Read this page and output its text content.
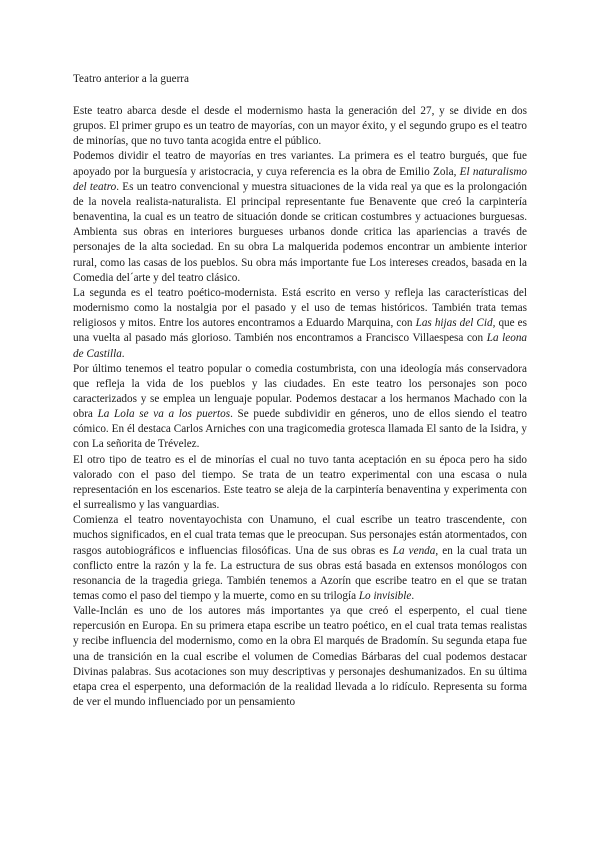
Teatro anterior a la guerra

Este teatro abarca desde el desde el modernismo hasta la generación del 27, y se divide en dos grupos. El primer grupo es un teatro de mayorías, con un mayor éxito, y el segundo grupo es el teatro de minorías, que no tuvo tanta acogida entre el público.

Podemos dividir el teatro de mayorías en tres variantes. La primera es el teatro burgués, que fue apoyado por la burguesía y aristocracia, y cuya referencia es la obra de Emilio Zola, El naturalismo del teatro. Es un teatro convencional y muestra situaciones de la vida real ya que es la prolongación de la novela realista-naturalista. El principal representante fue Benavente que creó la carpintería benaventina, la cual es un teatro de situación donde se critican costumbres y actuaciones burguesas. Ambienta sus obras en interiores burgueses urbanos donde critica las apariencias a través de personajes de la alta sociedad. En su obra La malquerida podemos encontrar un ambiente interior rural, como las casas de los pueblos. Su obra más importante fue Los intereses creados, basada en la Comedia del´arte y del teatro clásico.

La segunda es el teatro poético-modernista. Está escrito en verso y refleja las características del modernismo como la nostalgia por el pasado y el uso de temas históricos. También trata temas religiosos y mitos. Entre los autores encontramos a Eduardo Marquina, con Las hijas del Cid, que es una vuelta al pasado más glorioso. También nos encontramos a Francisco Villaespesa con La leona de Castilla.

Por último tenemos el teatro popular o comedia costumbrista, con una ideología más conservadora que refleja la vida de los pueblos y las ciudades. En este teatro los personajes son poco caracterizados y se emplea un lenguaje popular. Podemos destacar a los hermanos Machado con la obra La Lola se va a los puertos. Se puede subdividir en géneros, uno de ellos siendo el teatro cómico. En él destaca Carlos Arniches con una tragicomedia grotesca llamada El santo de la Isidra, y con La señorita de Trévelez.

El otro tipo de teatro es el de minorías el cual no tuvo tanta aceptación en su época pero ha sido valorado con el paso del tiempo. Se trata de un teatro experimental con una escasa o nula representación en los escenarios. Este teatro se aleja de la carpintería benaventina y experimenta con el surrealismo y las vanguardias.

Comienza el teatro noventayochista con Unamuno, el cual escribe un teatro trascendente, con muchos significados, en el cual trata temas que le preocupan. Sus personajes están atormentados, con rasgos autobiográficos e influencias filosóficas. Una de sus obras es La venda, en la cual trata un conflicto entre la razón y la fe. La estructura de sus obras está basada en extensos monólogos con resonancia de la tragedia griega. También tenemos a Azorín que escribe teatro en el que se tratan temas como el paso del tiempo y la muerte, como en su trilogía Lo invisible.

Valle-Inclán es uno de los autores más importantes ya que creó el esperpento, el cual tiene repercusión en Europa. En su primera etapa escribe un teatro poético, en el cual trata temas realistas y recibe influencia del modernismo, como en la obra El marqués de Bradomín. Su segunda etapa fue una de transición en la cual escribe el volumen de Comedias Bárbaras del cual podemos destacar Divinas palabras. Sus acotaciones son muy descriptivas y personajes deshumanizados. En su última etapa crea el esperpento, una deformación de la realidad llevada a lo ridículo. Representa su forma de ver el mundo influenciado por un pensamiento
